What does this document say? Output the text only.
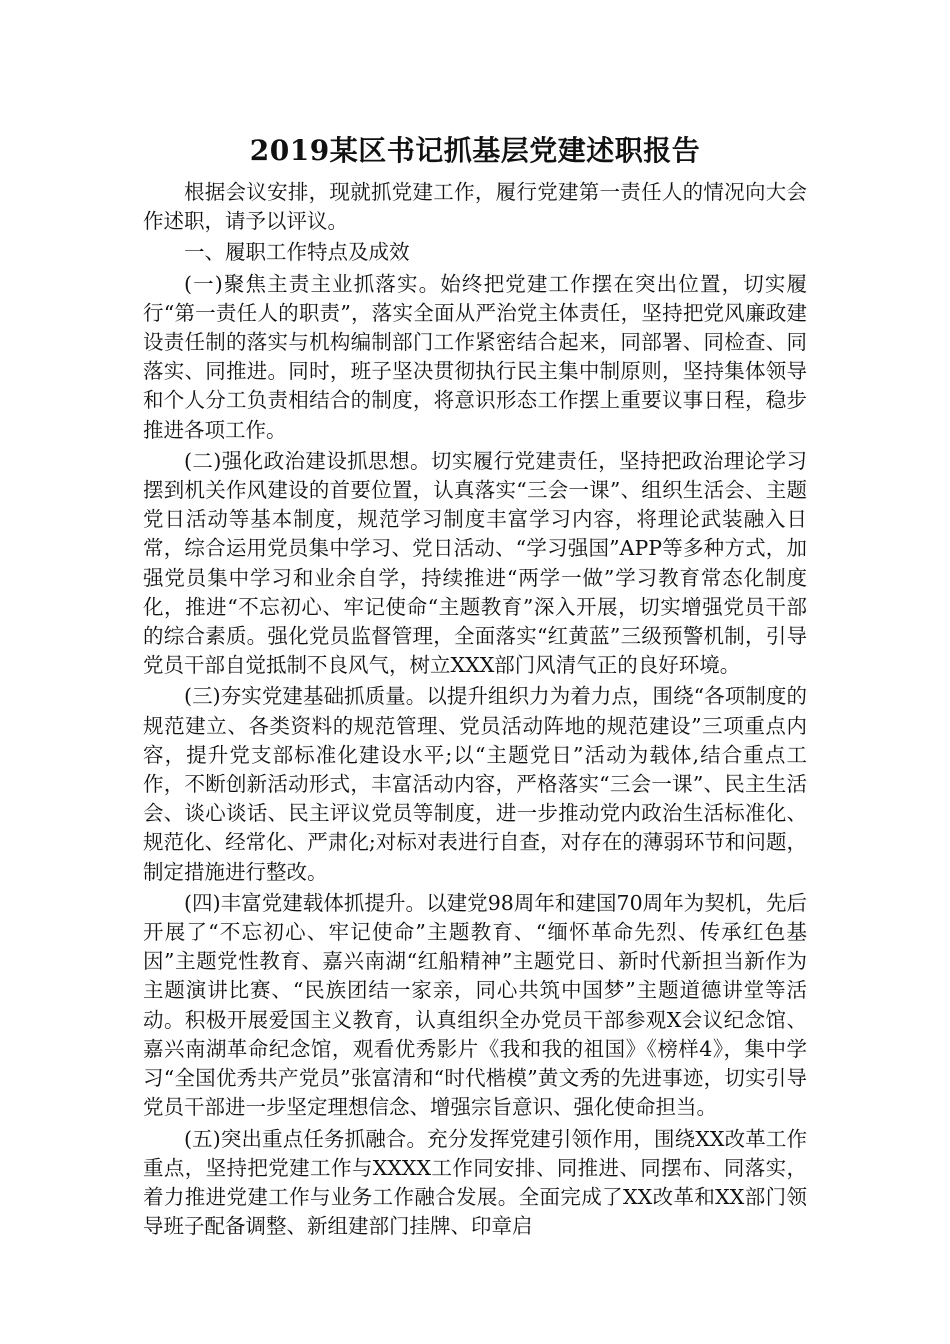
2019某区书记抓基层党建述职报告

根据会议安排，现就抓党建工作，履行党建第一责任人的情况向大会作述职，请予以评议。

一、履职工作特点及成效

(一)聚焦主责主业抓落实。始终把党建工作摆在突出位置，切实履行“第一责任人的职责”，落实全面从严治党主体责任，坚持把党风廉政建设责任制的落实与机构编制部门工作紧密结合起来，同部署、同检查、同落实、同推进。同时，班子坚决贯彻执行民主集中制原则，坚持集体领导和个人分工负责相结合的制度，将意识形态工作摆上重要议事日程，稳步推进各项工作。

(二)强化政治建设抓思想。切实履行党建责任，坚持把政治理论学习摆到机关作风建设的首要位置，认真落实“三会一课”、组织生活会、主题党日活动等基本制度，规范学习制度丰富学习内容，将理论武装融入日常，综合运用党员集中学习、党日活动、“学习强国”APP等多种方式，加强党员集中学习和业余自学，持续推进“两学一做”学习教育常态化制度化，推进“不忘初心、牢记使命“主题教育”深入开展，切实增强党员干部的综合素质。强化党员监督管理，全面落实“红黄蓝”三级预警机制，引导党员干部自觉抵制不良风气，树立XXX部门风清气正的良好环境。

(三)夯实党建基础抓质量。以提升组织力为着力点，围绕“各项制度的规范建立、各类资料的规范管理、党员活动阵地的规范建设”三项重点内容，提升党支部标准化建设水平;以“主题党日”活动为载体,结合重点工作，不断创新活动形式，丰富活动内容，严格落实“三会一课”、民主生活会、谈心谈话、民主评议党员等制度，进一步推动党内政治生活标准化、规范化、经常化、严肃化;对标对表进行自查，对存在的薄弱环节和问题，制定措施进行整改。

(四)丰富党建载体抓提升。以建党98周年和建国70周年为契机，先后开展了“不忘初心、牢记使命”主题教育、“缅怀革命先烈、传承红色基因”主题党性教育、嘉兴南湖“红船精神”主题党日、新时代新担当新作为主题演讲比赛、“民族团结一家亲，同心共筑中国梦”主题道德讲堂等活动。积极开展爱国主义教育，认真组织全办党员干部参观X会议纪念馆、嘉兴南湖革命纪念馆，观看优秀影片《我和我的祖国》《榜样4》，集中学习“全国优秀共产党员”张富清和“时代楷模”黄文秀的先进事迹，切实引导党员干部进一步坚定理想信念、增强宗旨意识、强化使命担当。

(五)突出重点任务抓融合。充分发挥党建引领作用，围绕XX改革工作重点，坚持把党建工作与XXXX工作同安排、同推进、同摆布、同落实，着力推进党建工作与业务工作融合发展。全面完成了XX改革和XX部门领导班子配备调整、新组建部门挂牌、印章启
